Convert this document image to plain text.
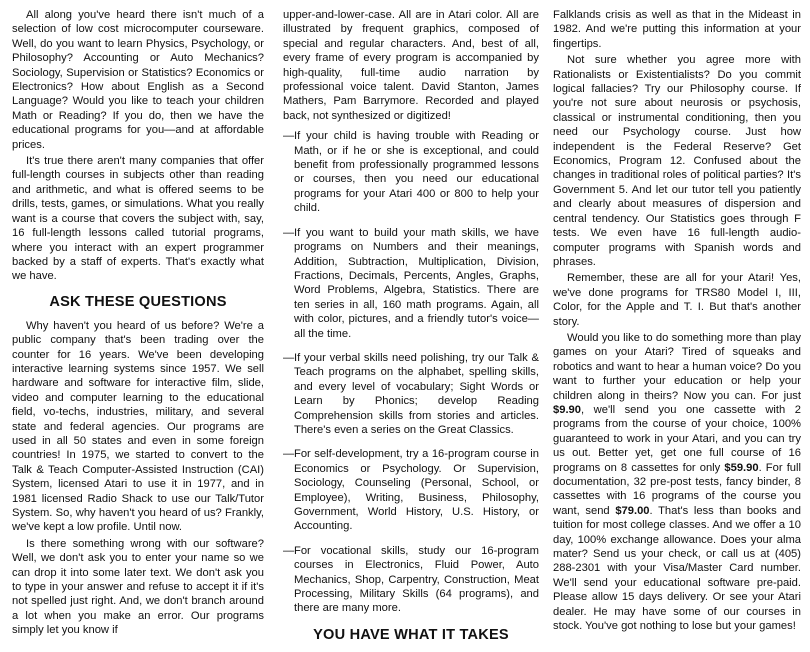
All along you've heard there isn't much of a selection of low cost microcomputer courseware. Well, do you want to learn Physics, Psychology, or Philosophy? Accounting or Auto Mechanics? Sociology, Supervision or Statistics? Economics or Electronics? How about English as a Second Language? Would you like to teach your children Math or Reading? If you do, then we have the educational programs for you—and at affordable prices.

It's true there aren't many companies that offer full-length courses in subjects other than reading and arithmetic, and what is offered seems to be drills, tests, games, or simulations. What you really want is a course that covers the subject with, say, 16 full-length lessons called tutorial programs, where you interact with an expert programmer backed by a staff of experts. That's exactly what we have.

ASK THESE QUESTIONS

Why haven't you heard of us before? We're a public company that's been trading over the counter for 16 years. We've been developing interactive learning systems since 1957. We sell hardware and software for interactive film, slide, video and computer learning to the educational field, vo-techs, industries, military, and several state and federal agencies. Our programs are used in all 50 states and even in some foreign countries! In 1975, we started to convert to the Talk & Teach Computer-Assisted Instruction (CAI) System, licensed Atari to use it in 1977, and in 1981 licensed Radio Shack to use our Talk/Tutor System. So, why haven't you heard of us? Frankly, we've kept a low profile. Until now.

Is there something wrong with our software? Well, we don't ask you to enter your name so we can drop it into some later text. We don't ask you to type in your answer and refuse to accept it if it's not spelled just right. And, we don't branch around a lot when you make an error. Our programs simply let you know if

upper-and-lower-case. All are in Atari color. All are illustrated by frequent graphics, composed of special and regular characters. And, best of all, every frame of every program is accompanied by high-quality, full-time audio narration by professional voice talent. David Stanton, James Mathers, Pam Barrymore. Recorded and played back, not synthesized or digitized!

— If your child is having trouble with Reading or Math, or if he or she is exceptional, and could benefit from professionally programmed lessons or courses, then you need our educational programs for your Atari 400 or 800 to help your child.
— If you want to build your math skills, we have programs on Numbers and their meanings, Addition, Subtraction, Multiplication, Division, Fractions, Decimals, Percents, Angles, Graphs, Word Problems, Algebra, Statistics. There are ten series in all, 160 math programs. Again, all with color, pictures, and a friendly tutor's voice—all the time.
— If your verbal skills need polishing, try our Talk & Teach programs on the alphabet, spelling skills, and every level of vocabulary; Sight Words or Learn by Phonics; develop Reading Comprehension skills from stories and articles. There's even a series on the Great Classics.
— For self-development, try a 16-program course in Economics or Psychology. Or Supervision, Sociology, Counseling (Personal, School, or Employee), Writing, Business, Philosophy, Government, World History, U.S. History, or Accounting.
— For vocational skills, study our 16-program courses in Electronics, Fluid Power, Auto Mechanics, Shop, Carpentry, Construction, Meat Processing, Military Skills (64 programs), and there are many more.
YOU HAVE WHAT IT TAKES

Falklands crisis as well as that in the Mideast in 1982. And we're putting this information at your fingertips.

Not sure whether you agree more with Rationalists or Existentialists? Do you commit logical fallacies? Try our Philosophy course. If you're not sure about neurosis or psychosis, classical or instrumental conditioning, then you need our Psychology course. Just how independent is the Federal Reserve? Get Economics, Program 12. Confused about the changes in traditional roles of political parties? It's Government 5. And let our tutor tell you patiently and clearly about measures of dispersion and central tendency. Our Statistics goes through F tests. We even have 16 full-length audio-computer programs with Spanish words and phrases.

Remember, these are all for your Atari! Yes, we've done programs for TRS80 Model I, III, Color, for the Apple and T. I. But that's another story.

Would you like to do something more than play games on your Atari? Tired of squeaks and robotics and want to hear a human voice? Do you want to further your education or help your children along in theirs? Now you can. For just $9.90, we'll send you one cassette with 2 programs from the course of your choice, 100% guaranteed to work in your Atari, and you can try us out. Better yet, get one full course of 16 programs on 8 cassettes for only $59.90. For full documentation, 32 pre-post tests, fancy binder, 8 cassettes with 16 programs of the course you want, send $79.00. That's less than books and tuition for most college classes. And we offer a 10 day, 100% exchange allowance. Does your alma mater? Send us your check, or call us at (405) 288-2301 with your Visa/Master Card number. We'll send your educational software pre-paid. Please allow 15 days delivery. Or see your Atari dealer. He may have some of our courses in stock. You've got nothing to lose but your games!
